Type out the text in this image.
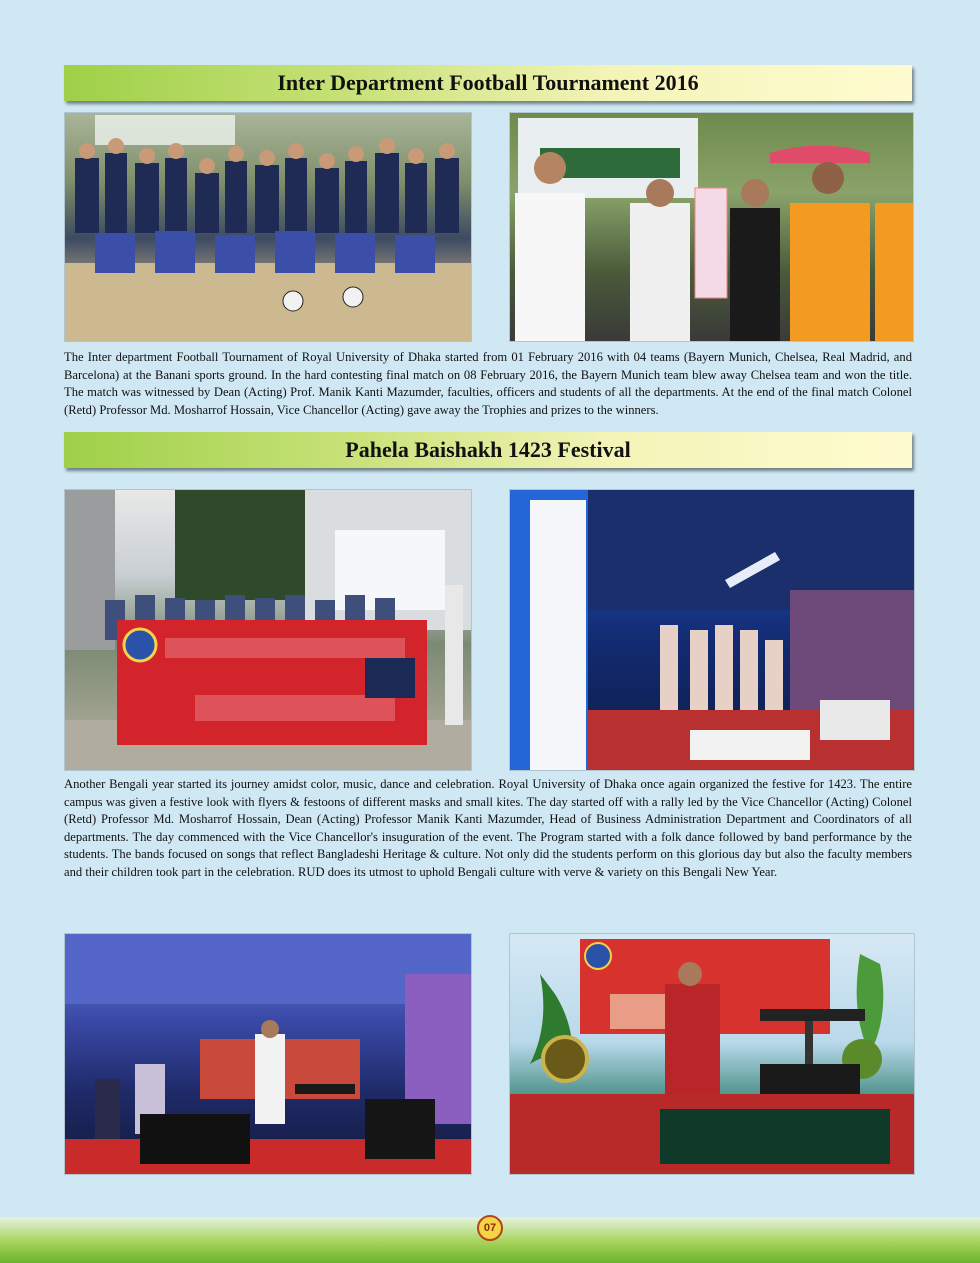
Inter Department Football Tournament 2016

The Inter department Football Tournament of Royal University of Dhaka started from 01 February 2016 with 04 teams (Bayern Munich, Chelsea, Real Madrid, and Barcelona) at the Banani sports ground. In the hard contesting final match on 08 February 2016, the Bayern Munich team blew away Chelsea team and won the title. The match was witnessed by Dean (Acting) Prof. Manik Kanti Mazumder, faculties, officers and students of all the departments. At the end of the final match Colonel (Retd) Professor Md. Mosharrof Hossain, Vice Chancellor (Acting) gave away the Trophies and prizes to the winners.

Pahela Baishakh 1423 Festival

Another Bengali year started its journey amidst color, music, dance and celebration. Royal University of Dhaka once again organized the festive for 1423. The entire campus was given a festive look with flyers & festoons of different masks and small kites. The day started off with a rally led by the Vice Chancellor (Acting) Colonel (Retd) Professor Md. Mosharrof Hossain, Dean (Acting) Professor Manik Kanti Mazumder, Head of Business Administration Department and Coordinators of all departments. The day commenced with the Vice Chancellor's insuguration of the event. The Program started with a folk dance followed by band performance by the students. The bands focused on songs that reflect Bangladeshi Heritage & culture. Not only did the students perform on this glorious day but also the faculty members and their children took part in the celebration. RUD does its utmost to uphold Bengali culture with verve & variety on this Bengali New Year.

07
